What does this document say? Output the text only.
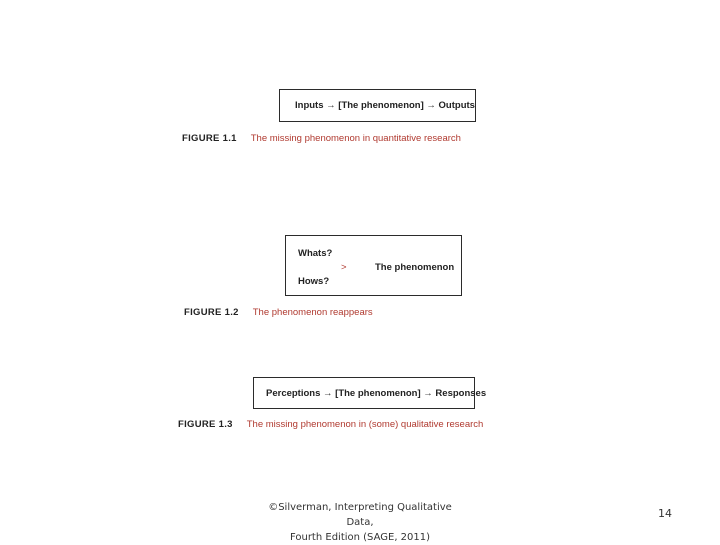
Inputs → [The phenomenon] → Outputs
FIGURE 1.1 The missing phenomenon in quantitative research
Whats?
>	The phenomenon
Hows?
FIGURE 1.2 The phenomenon reappears
Perceptions → [The phenomenon] → Responses
FIGURE 1.3 The missing phenomenon in (some) qualitative research
©Silverman, Interpreting Qualitative Data,
Fourth Edition (SAGE, 2011)
14
